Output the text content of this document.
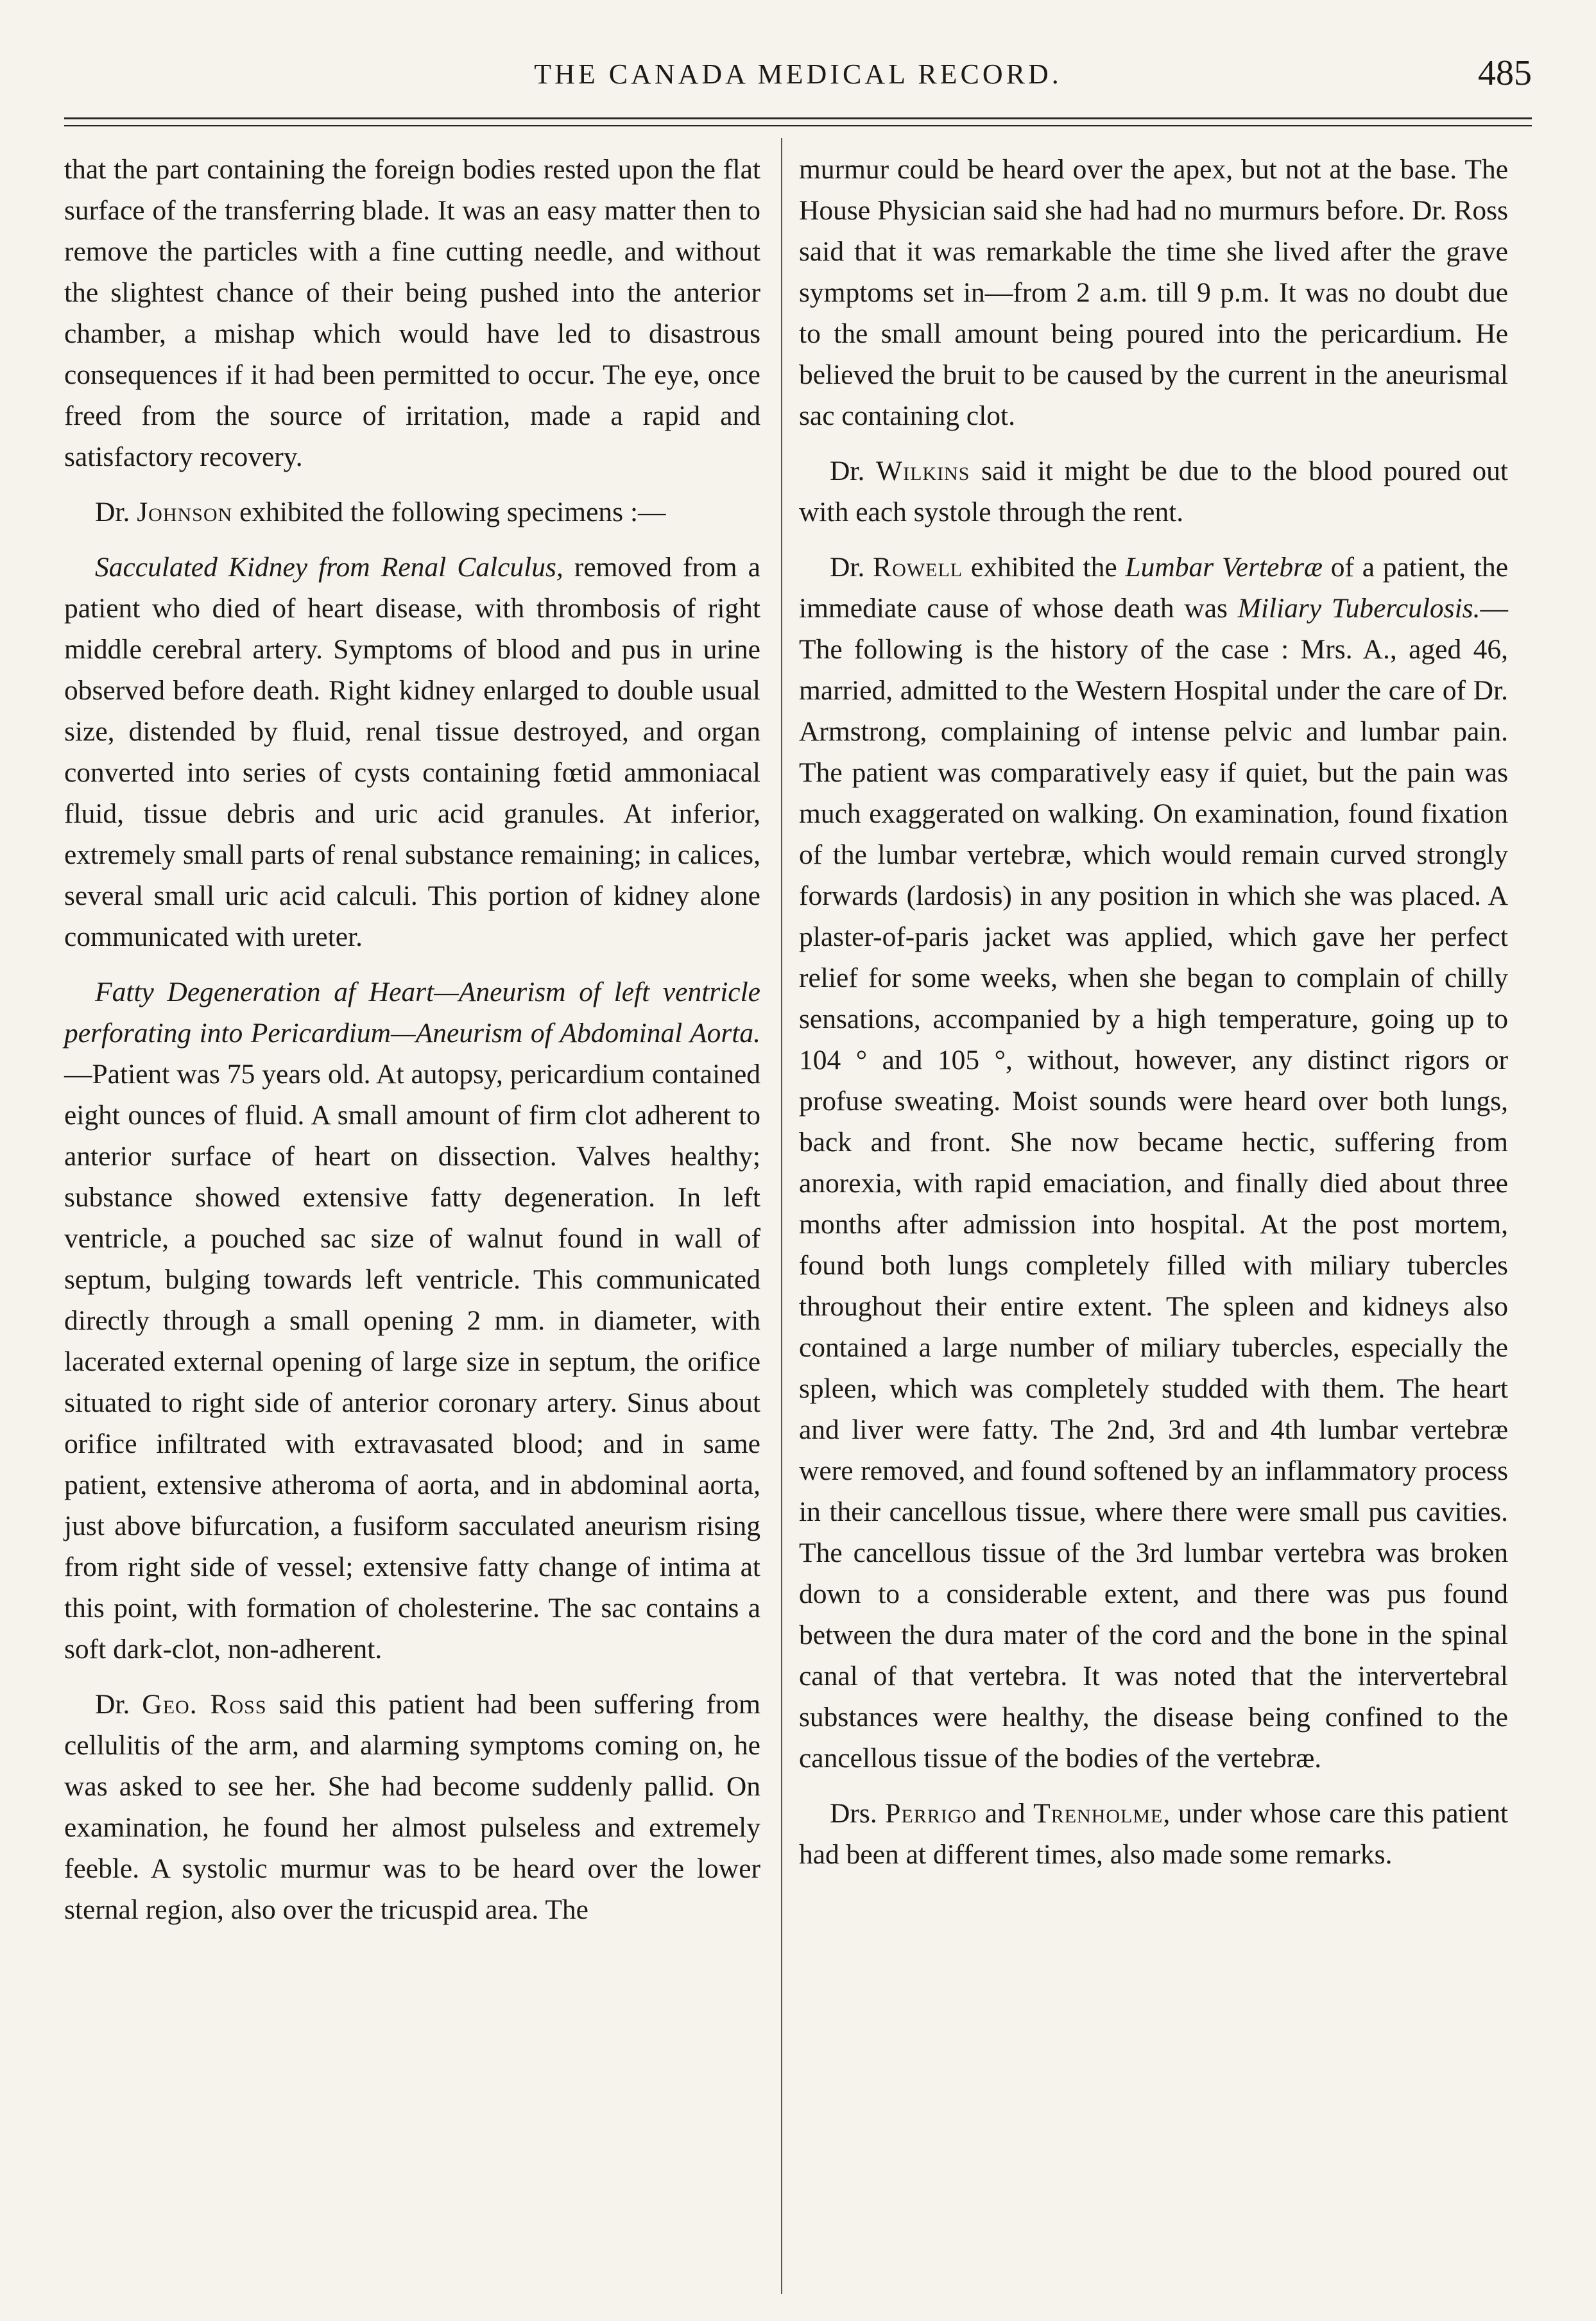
THE CANADA MEDICAL RECORD.	485

that the part containing the foreign bodies rested upon the flat surface of the transferring blade. It was an easy matter then to remove the particles with a fine cutting needle, and without the slightest chance of their being pushed into the anterior chamber, a mishap which would have led to disastrous consequences if it had been permitted to occur. The eye, once freed from the source of irritation, made a rapid and satisfactory recovery.

Dr. Johnson exhibited the following specimens :—

Sacculated Kidney from Renal Calculus, removed from a patient who died of heart disease, with thrombosis of right middle cerebral artery. Symptoms of blood and pus in urine observed before death. Right kidney enlarged to double usual size, distended by fluid, renal tissue destroyed, and organ converted into series of cysts containing fœtid ammoniacal fluid, tissue debris and uric acid granules. At inferior, extremely small parts of renal substance remaining; in calices, several small uric acid calculi. This portion of kidney alone communicated with ureter.

Fatty Degeneration af Heart—Aneurism of left ventricle perforating into Pericardium—Aneurism of Abdominal Aorta.—Patient was 75 years old. At autopsy, pericardium contained eight ounces of fluid. A small amount of firm clot adherent to anterior surface of heart on dissection. Valves healthy; substance showed extensive fatty degeneration. In left ventricle, a pouched sac size of walnut found in wall of septum, bulging towards left ventricle. This communicated directly through a small opening 2 mm. in diameter, with lacerated external opening of large size in septum, the orifice situated to right side of anterior coronary artery. Sinus about orifice infiltrated with extravasated blood; and in same patient, extensive atheroma of aorta, and in abdominal aorta, just above bifurcation, a fusiform sacculated aneurism rising from right side of vessel; extensive fatty change of intima at this point, with formation of cholesterine. The sac contains a soft dark-clot, non-adherent.

Dr. Geo. Ross said this patient had been suffering from cellulitis of the arm, and alarming symptoms coming on, he was asked to see her. She had become suddenly pallid. On examination, he found her almost pulseless and extremely feeble. A systolic murmur was to be heard over the lower sternal region, also over the tricuspid area. The

murmur could be heard over the apex, but not at the base. The House Physician said she had had no murmurs before. Dr. Ross said that it was remarkable the time she lived after the grave symptoms set in—from 2 a.m. till 9 p.m. It was no doubt due to the small amount being poured into the pericardium. He believed the bruit to be caused by the current in the aneurismal sac containing clot.

Dr. Wilkins said it might be due to the blood poured out with each systole through the rent.

Dr. Rowell exhibited the Lumbar Vertebræ of a patient, the immediate cause of whose death was Miliary Tuberculosis.—The following is the history of the case : Mrs. A., aged 46, married, admitted to the Western Hospital under the care of Dr. Armstrong, complaining of intense pelvic and lumbar pain. The patient was comparatively easy if quiet, but the pain was much exaggerated on walking. On examination, found fixation of the lumbar vertebræ, which would remain curved strongly forwards (lardosis) in any position in which she was placed. A plaster-of-paris jacket was applied, which gave her perfect relief for some weeks, when she began to complain of chilly sensations, accompanied by a high temperature, going up to 104 ° and 105 °, without, however, any distinct rigors or profuse sweating. Moist sounds were heard over both lungs, back and front. She now became hectic, suffering from anorexia, with rapid emaciation, and finally died about three months after admission into hospital. At the post mortem, found both lungs completely filled with miliary tubercles throughout their entire extent. The spleen and kidneys also contained a large number of miliary tubercles, especially the spleen, which was completely studded with them. The heart and liver were fatty. The 2nd, 3rd and 4th lumbar vertebræ were removed, and found softened by an inflammatory process in their cancellous tissue, where there were small pus cavities. The cancellous tissue of the 3rd lumbar vertebra was broken down to a considerable extent, and there was pus found between the dura mater of the cord and the bone in the spinal canal of that vertebra. It was noted that the intervertebral substances were healthy, the disease being confined to the cancellous tissue of the bodies of the vertebræ.

Drs. Perrigo and Trenholme, under whose care this patient had been at different times, also made some remarks.
